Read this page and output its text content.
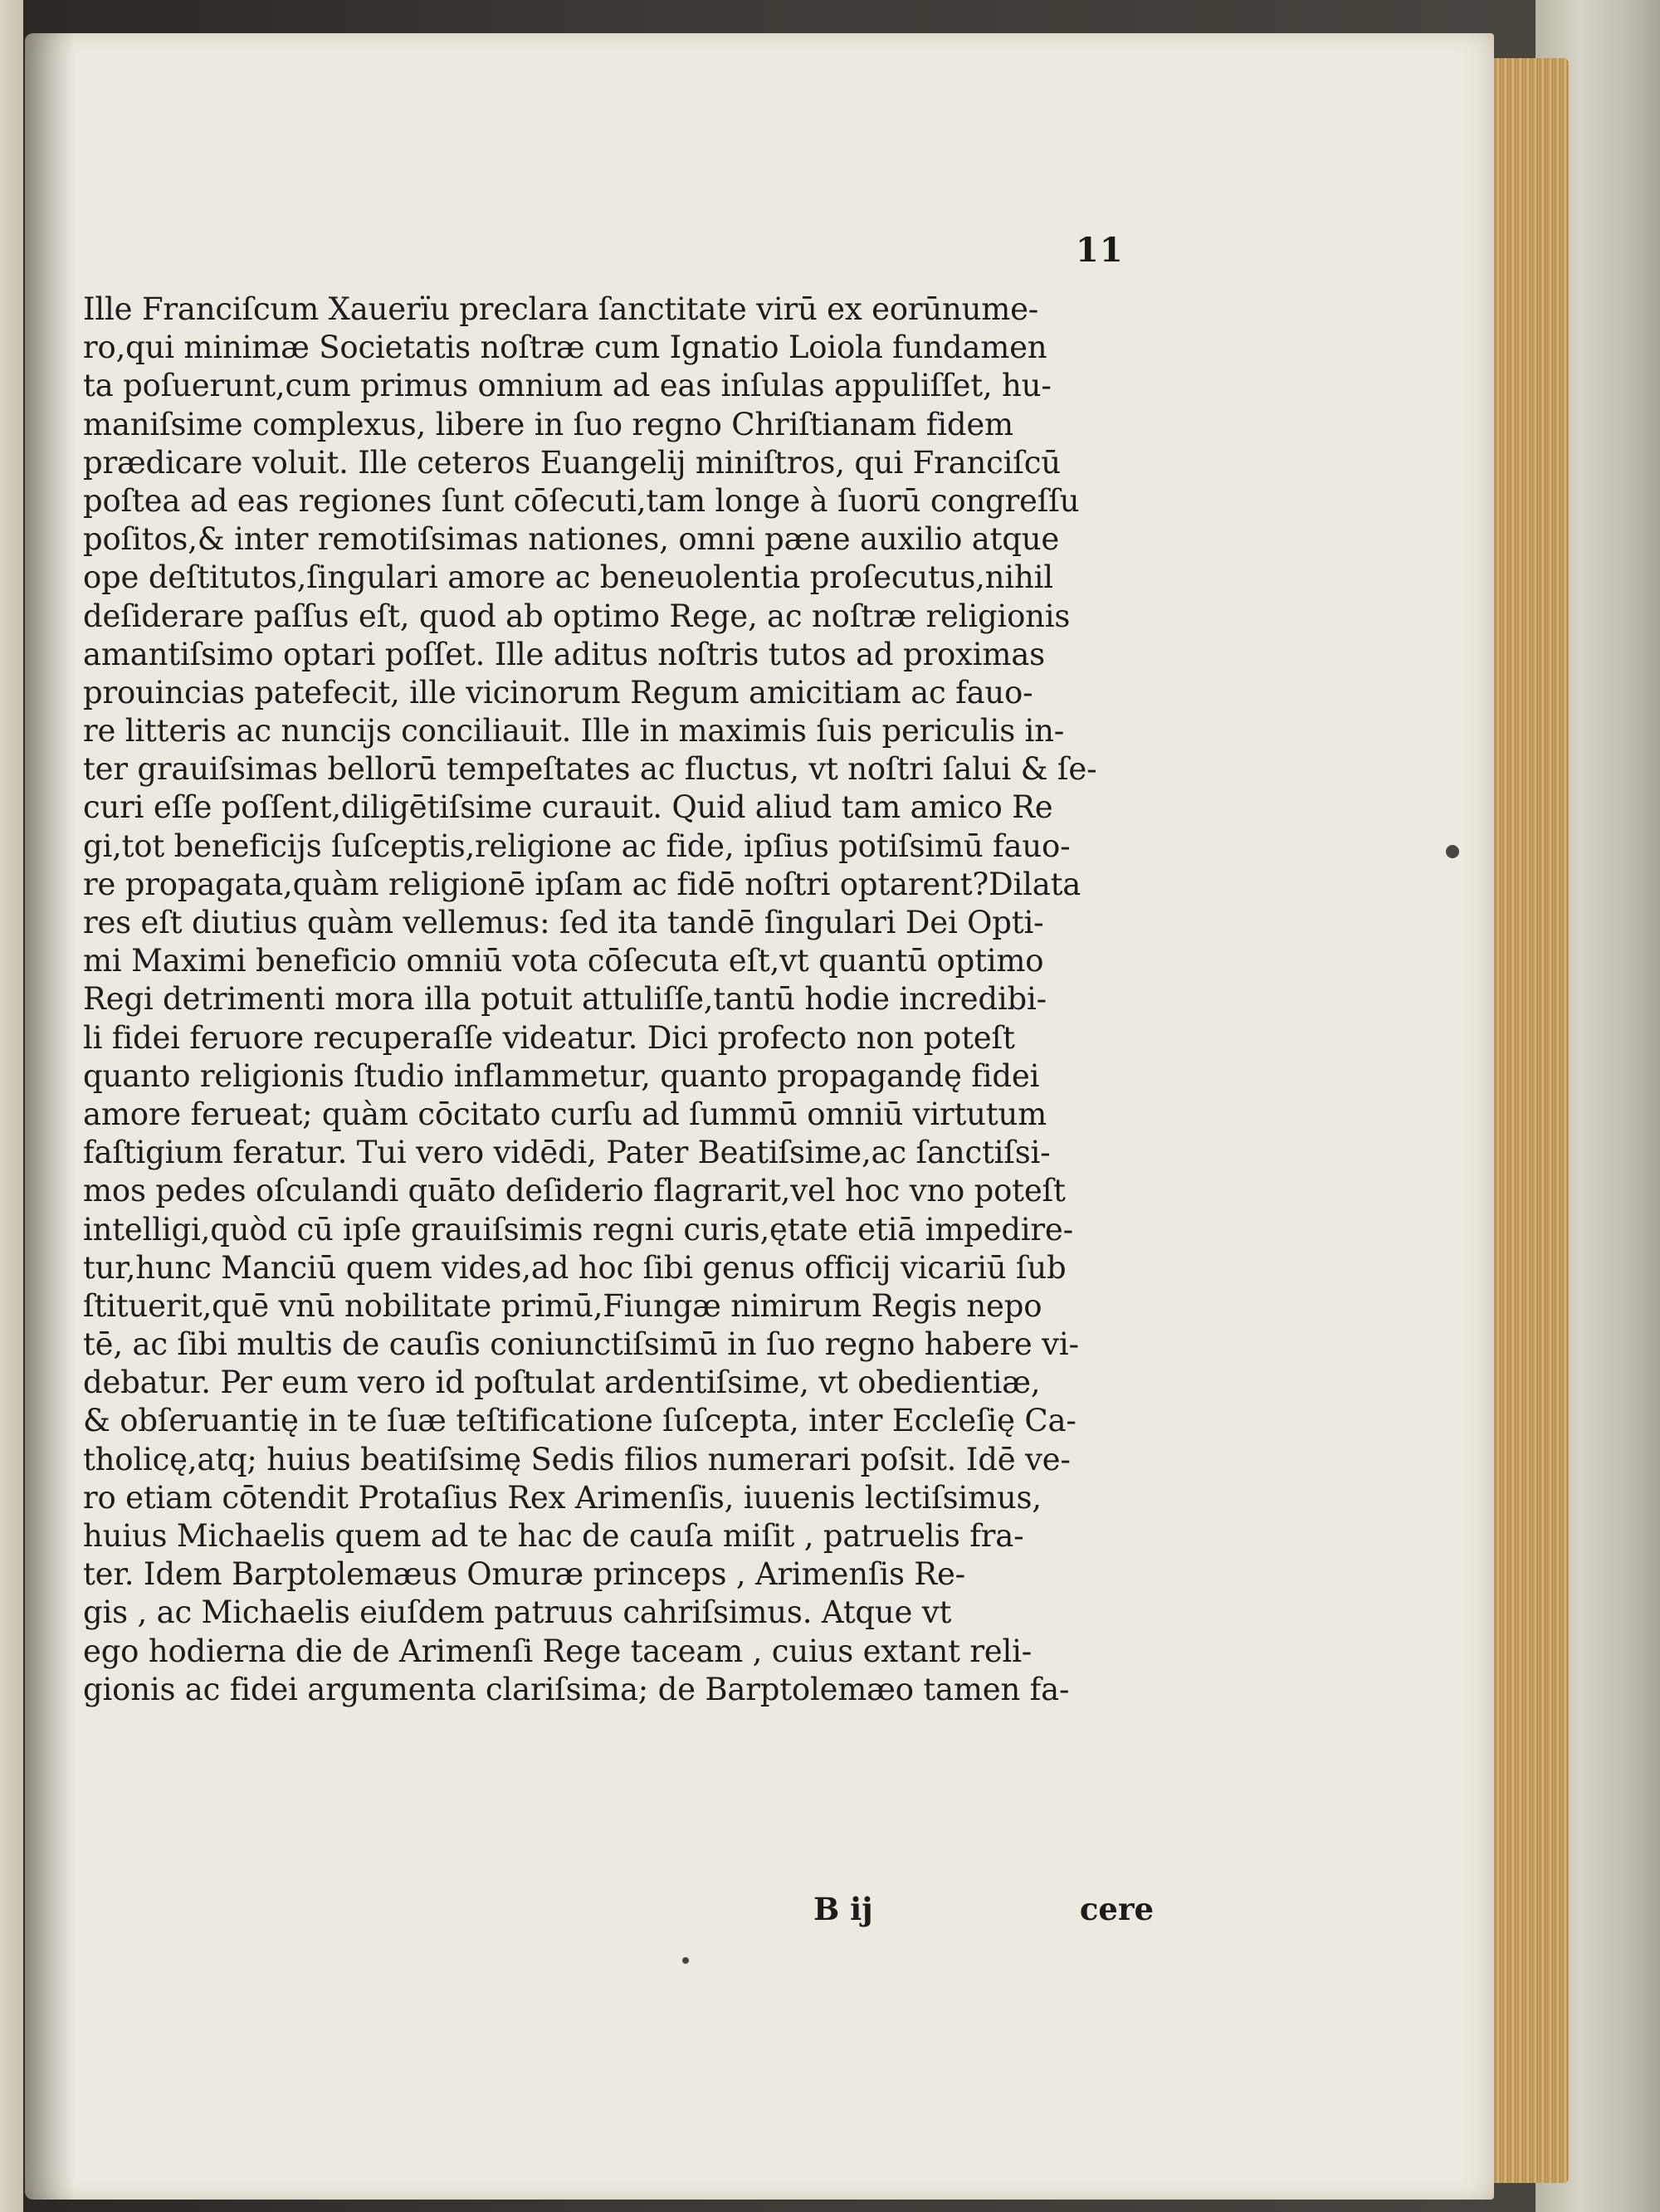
11
Ille Franciſcum Xauerïu preclara ſanctitate virū ex eorūnume-
ro,qui minimæ Societatis noſtræ cum Ignatio Loiola fundamen
ta poſuerunt,cum primus omnium ad eas inſulas appuliſſet, hu-
maniſsime complexus, libere in ſuo regno Chriſtianam fidem
prædicare voluit. Ille ceteros Euangelij miniſtros, qui Franciſcū
poſtea ad eas regiones ſunt cōſecuti,tam longe à ſuorū congreſſu
poſitos,& inter remotiſsimas nationes, omni pæne auxilio atque
ope deſtitutos,ſingulari amore ac beneuolentia proſecutus,nihil
deſiderare paſſus eſt, quod ab optimo Rege, ac noſtræ religionis
amantiſsimo optari poſſet. Ille aditus noſtris tutos ad proximas
prouincias patefecit, ille vicinorum Regum amicitiam ac fauo-
re litteris ac nuncijs conciliauit. Ille in maximis ſuis periculis in-
ter grauiſsimas bellorū tempeſtates ac fluctus, vt noſtri ſalui & ſe-
curi eſſe poſſent,diligētiſsime curauit. Quid aliud tam amico Re
gi,tot beneficijs ſuſceptis,religione ac fide, ipſius potiſsimū fauo-
re propagata,quàm religionē ipſam ac fidē noſtri optarent?Dilata
res eſt diutius quàm vellemus: ſed ita tandē ſingulari Dei Opti-
mi Maximi beneficio omniū vota cōſecuta eſt,vt quantū optimo
Regi detrimenti mora illa potuit attuliſſe,tantū hodie incredibi-
li fidei feruore recuperaſſe videatur. Dici profecto non poteſt
quanto religionis ſtudio inflammetur, quanto propagandę fidei
amore ferueat; quàm cōcitato curſu ad ſummū omniū virtutum
faſtigium feratur. Tui vero vidēdi, Pater Beatiſsime,ac ſanctiſsi-
mos pedes oſculandi quāto deſiderio flagrarit,vel hoc vno poteſt
intelligi,quòd cū ipſe grauiſsimis regni curis,ętate etiā impedire-
tur,hunc Manciū quem vides,ad hoc ſibi genus officij vicariū ſub
ſtituerit,quē vnū nobilitate primū,Fiungæ nimirum Regis nepo
tē, ac ſibi multis de cauſis coniunctiſsimū in ſuo regno habere vi-
debatur. Per eum vero id poſtulat ardentiſsime, vt obedientiæ,
& obſeruantię in te ſuæ teſtificatione ſuſcepta, inter Eccleſię Ca-
tholicę,atq; huius beatiſsimę Sedis filios numerari poſsit. Idē ve-
ro etiam cōtendit Protaſius Rex Arimenſis, iuuenis lectiſsimus,
huius Michaelis quem ad te hac de cauſa miſit , patruelis fra-
ter. Idem Barptolemæus Omuræ princeps , Arimenſis Re-
gis , ac Michaelis eiuſdem patruus cahriſsimus. Atque vt
ego hodierna die de Arimenſi Rege taceam , cuius extant reli-
gionis ac fidei argumenta clariſsima; de Barptolemæo tamen fa-
B ij	cere
